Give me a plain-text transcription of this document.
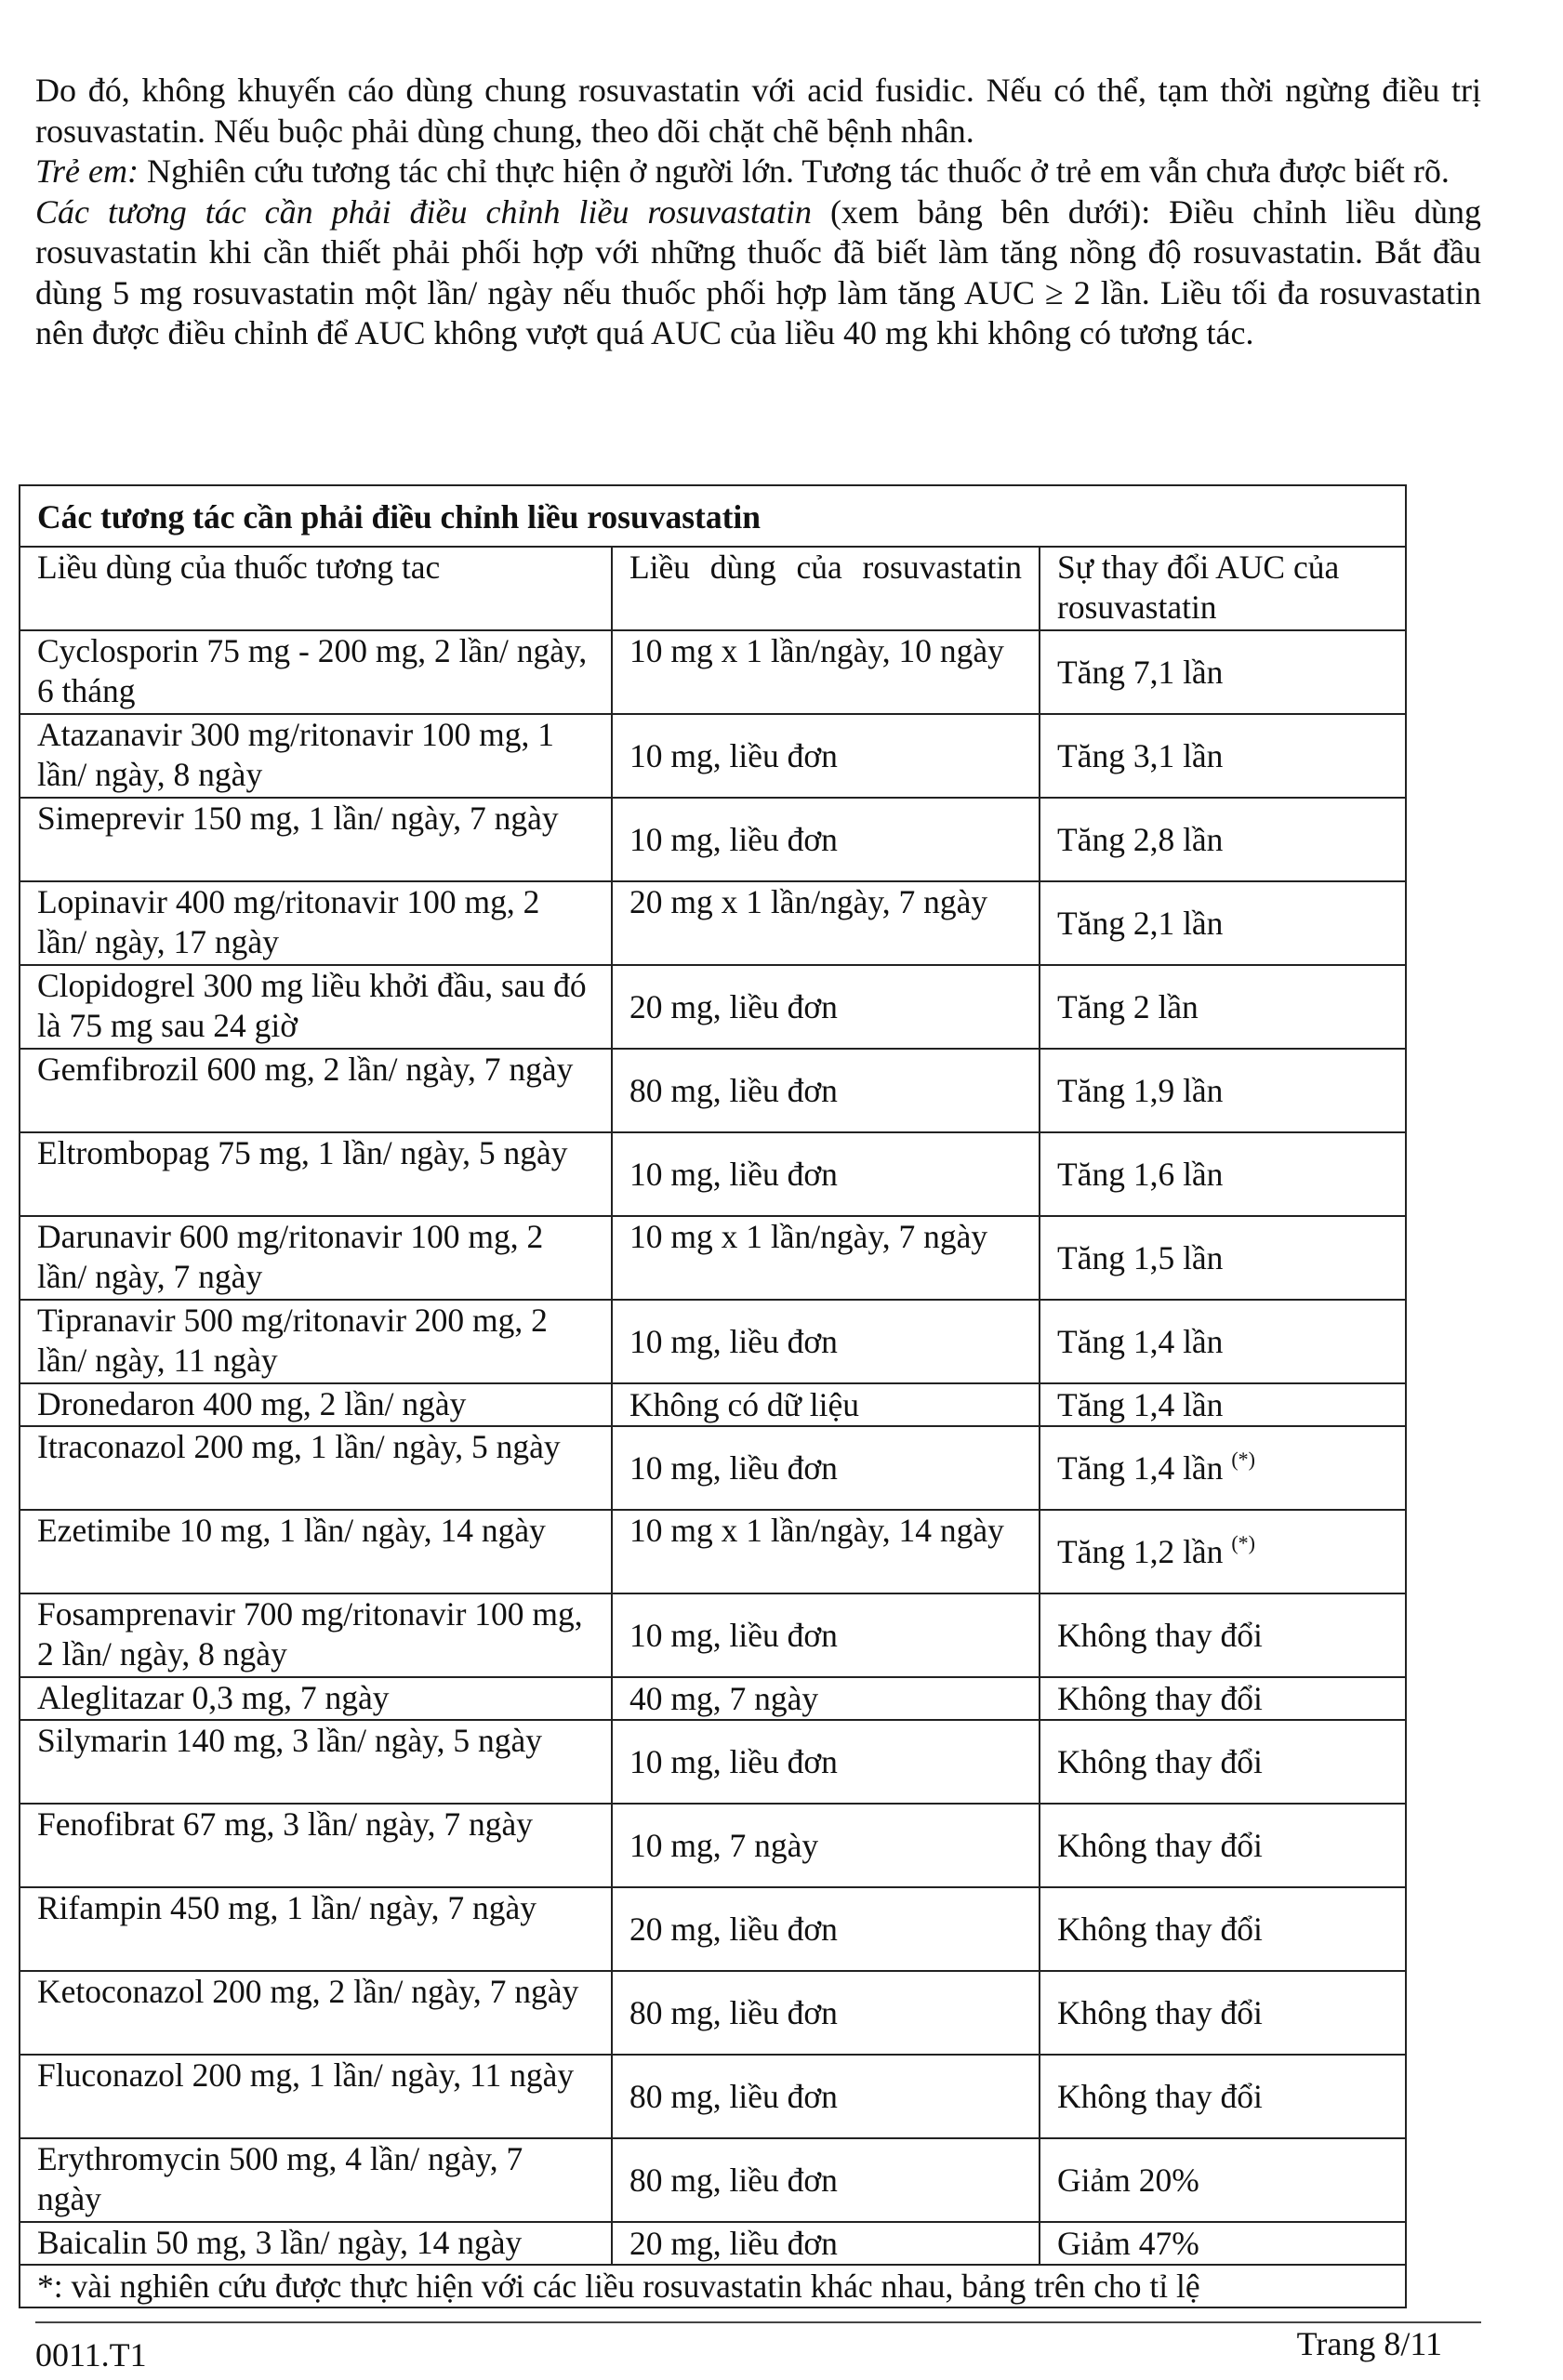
Do đó, không khuyến cáo dùng chung rosuvastatin với acid fusidic. Nếu có thể, tạm thời ngừng điều trị rosuvastatin. Nếu buộc phải dùng chung, theo dõi chặt chẽ bệnh nhân.

Trẻ em: Nghiên cứu tương tác chỉ thực hiện ở người lớn. Tương tác thuốc ở trẻ em vẫn chưa được biết rõ.

Các tương tác cần phải điều chỉnh liều rosuvastatin (xem bảng bên dưới): Điều chỉnh liều dùng rosuvastatin khi cần thiết phải phối hợp với những thuốc đã biết làm tăng nồng độ rosuvastatin. Bắt đầu dùng 5 mg rosuvastatin một lần/ ngày nếu thuốc phối hợp làm tăng AUC ≥ 2 lần. Liều tối đa rosuvastatin nên được điều chỉnh để AUC không vượt quá AUC của liều 40 mg khi không có tương tác.

Các tương tác cần phải điều chỉnh liều rosuvastatin		
Liều dùng của thuốc tương tac	Liều dùng của rosuvastatin	Sự thay đổi AUC của rosuvastatin
Cyclosporin 75 mg - 200 mg, 2 lần/ ngày, 6 tháng	10 mg x 1 lần/ngày, 10 ngày	Tăng 7,1 lần
Atazanavir 300 mg/ritonavir 100 mg, 1 lần/ ngày, 8 ngày	10 mg, liều đơn	Tăng 3,1 lần
Simeprevir 150 mg, 1 lần/ ngày, 7 ngày	10 mg, liều đơn	Tăng 2,8 lần
Lopinavir 400 mg/ritonavir 100 mg, 2 lần/ ngày, 17 ngày	20 mg x 1 lần/ngày, 7 ngày	Tăng 2,1 lần
Clopidogrel 300 mg liều khởi đầu, sau đó là 75 mg sau 24 giờ	20 mg, liều đơn	Tăng 2 lần
Gemfibrozil 600 mg, 2 lần/ ngày, 7 ngày	80 mg, liều đơn	Tăng 1,9 lần
Eltrombopag 75 mg, 1 lần/ ngày, 5 ngày	10 mg, liều đơn	Tăng 1,6 lần
Darunavir 600 mg/ritonavir 100 mg, 2 lần/ ngày, 7 ngày	10 mg x 1 lần/ngày, 7 ngày	Tăng 1,5 lần
Tipranavir 500 mg/ritonavir 200 mg, 2 lần/ ngày, 11 ngày	10 mg, liều đơn	Tăng 1,4 lần
Dronedaron 400 mg, 2 lần/ ngày	Không có dữ liệu	Tăng 1,4 lần
Itraconazol 200 mg, 1 lần/ ngày, 5 ngày	10 mg, liều đơn	Tăng 1,4 lần (*)
Ezetimibe 10 mg, 1 lần/ ngày, 14 ngày	10 mg x 1 lần/ngày, 14 ngày	Tăng 1,2 lần (*)
Fosamprenavir 700 mg/ritonavir 100 mg, 2 lần/ ngày, 8 ngày	10 mg, liều đơn	Không thay đổi
Aleglitazar 0,3 mg, 7 ngày	40 mg, 7 ngày	Không thay đổi
Silymarin 140 mg, 3 lần/ ngày, 5 ngày	10 mg, liều đơn	Không thay đổi
Fenofibrat 67 mg, 3 lần/ ngày, 7 ngày	10 mg, 7 ngày	Không thay đổi
Rifampin 450 mg, 1 lần/ ngày, 7 ngày	20 mg, liều đơn	Không thay đổi
Ketoconazol 200 mg, 2 lần/ ngày, 7 ngày	80 mg, liều đơn	Không thay đổi
Fluconazol 200 mg, 1 lần/ ngày, 11 ngày	80 mg, liều đơn	Không thay đổi
Erythromycin 500 mg, 4 lần/ ngày, 7 ngày	80 mg, liều đơn	Giảm 20%
Baicalin 50 mg, 3 lần/ ngày, 14 ngày	20 mg, liều đơn	Giảm 47%
*: vài nghiên cứu được thực hiện với các liều rosuvastatin khác nhau, bảng trên cho tỉ lệ		
0011.T1	Trang 8/11
